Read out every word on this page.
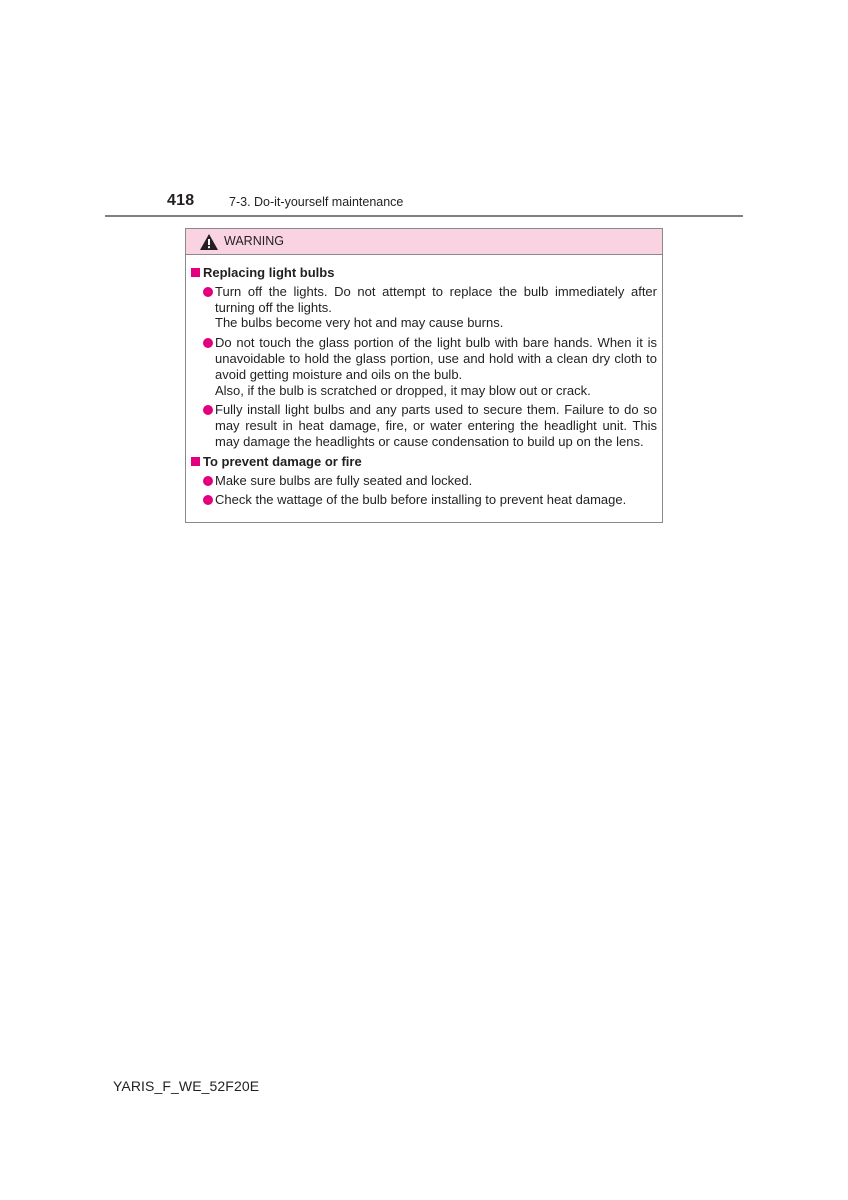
418	7-3. Do-it-yourself maintenance
WARNING
Replacing light bulbs
Turn off the lights. Do not attempt to replace the bulb immediately after turning off the lights.
The bulbs become very hot and may cause burns.
Do not touch the glass portion of the light bulb with bare hands. When it is unavoidable to hold the glass portion, use and hold with a clean dry cloth to avoid getting moisture and oils on the bulb.
Also, if the bulb is scratched or dropped, it may blow out or crack.
Fully install light bulbs and any parts used to secure them. Failure to do so may result in heat damage, fire, or water entering the headlight unit. This may damage the headlights or cause condensation to build up on the lens.
To prevent damage or fire
Make sure bulbs are fully seated and locked.
Check the wattage of the bulb before installing to prevent heat damage.
YARIS_F_WE_52F20E
